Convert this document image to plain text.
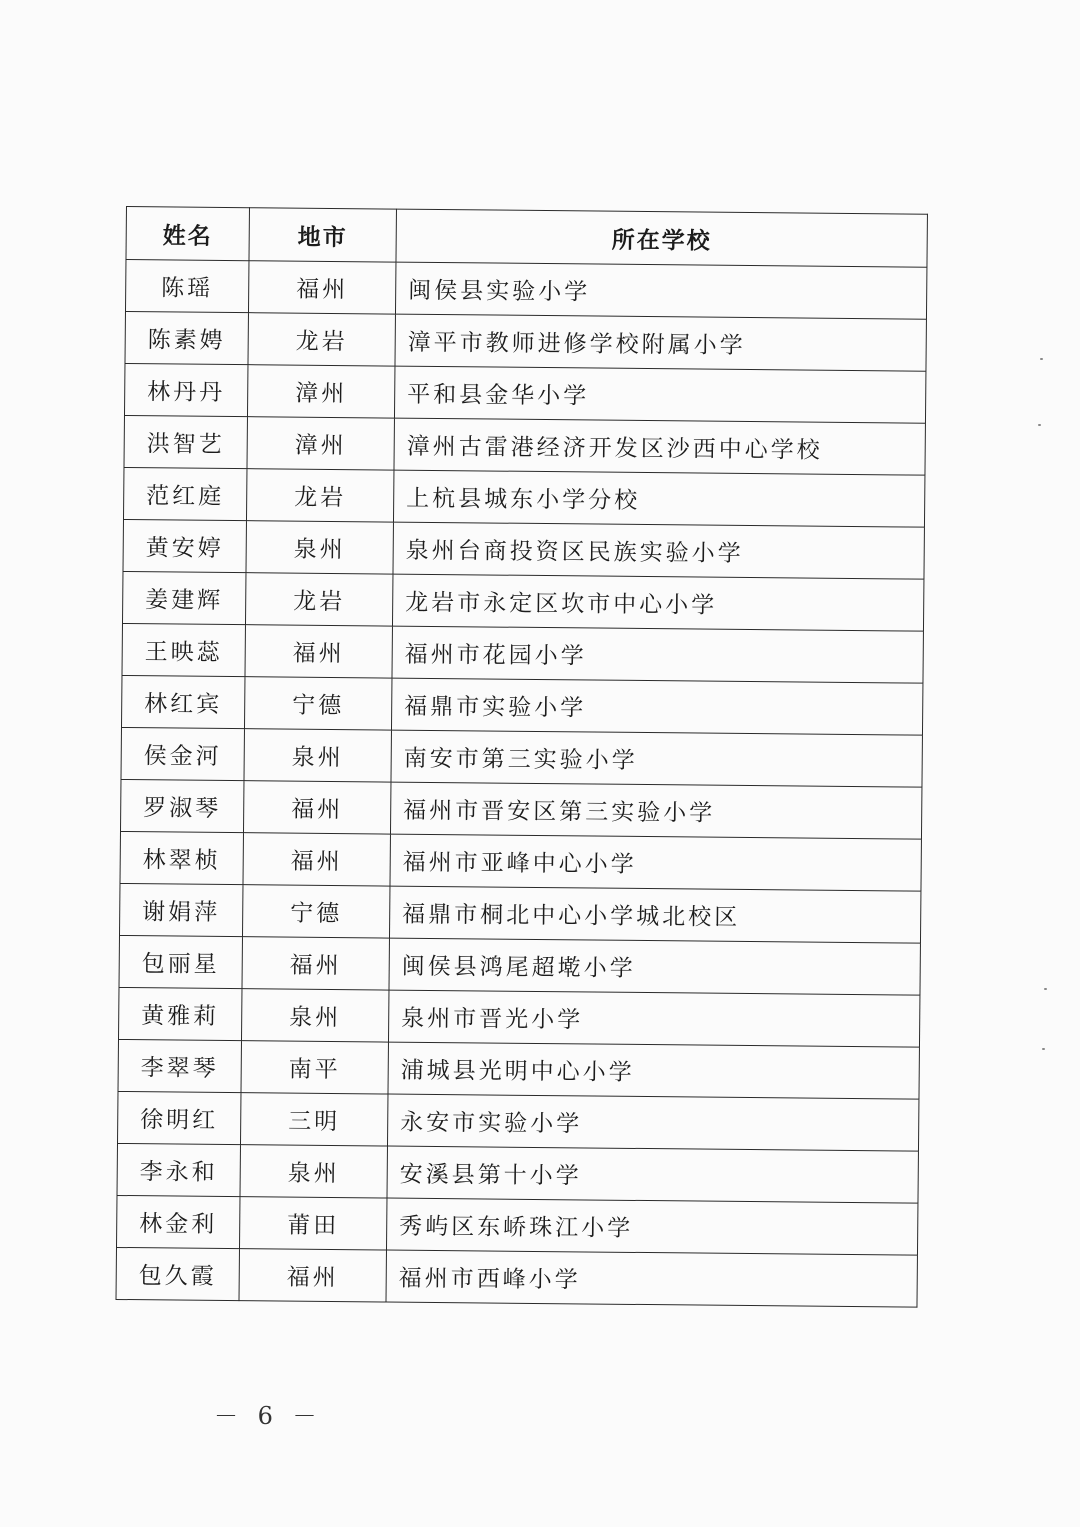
姓名	地市	所在学校
陈瑶	福州	闽侯县实验小学
陈素娉	龙岩	漳平市教师进修学校附属小学
林丹丹	漳州	平和县金华小学
洪智艺	漳州	漳州古雷港经济开发区沙西中心学校
范红庭	龙岩	上杭县城东小学分校
黄安婷	泉州	泉州台商投资区民族实验小学
姜建辉	龙岩	龙岩市永定区坎市中心小学
王映蕊	福州	福州市花园小学
林红宾	宁德	福鼎市实验小学
侯金河	泉州	南安市第三实验小学
罗淑琴	福州	福州市晋安区第三实验小学
林翠桢	福州	福州市亚峰中心小学
谢娟萍	宁德	福鼎市桐北中心小学城北校区
包丽星	福州	闽侯县鸿尾超墘小学
黄雅莉	泉州	泉州市晋光小学
李翠琴	南平	浦城县光明中心小学
徐明红	三明	永安市实验小学
李永和	泉州	安溪县第十小学
林金利	莆田	秀屿区东峤珠江小学
包久霞	福州	福州市西峰小学
－ 6 －
